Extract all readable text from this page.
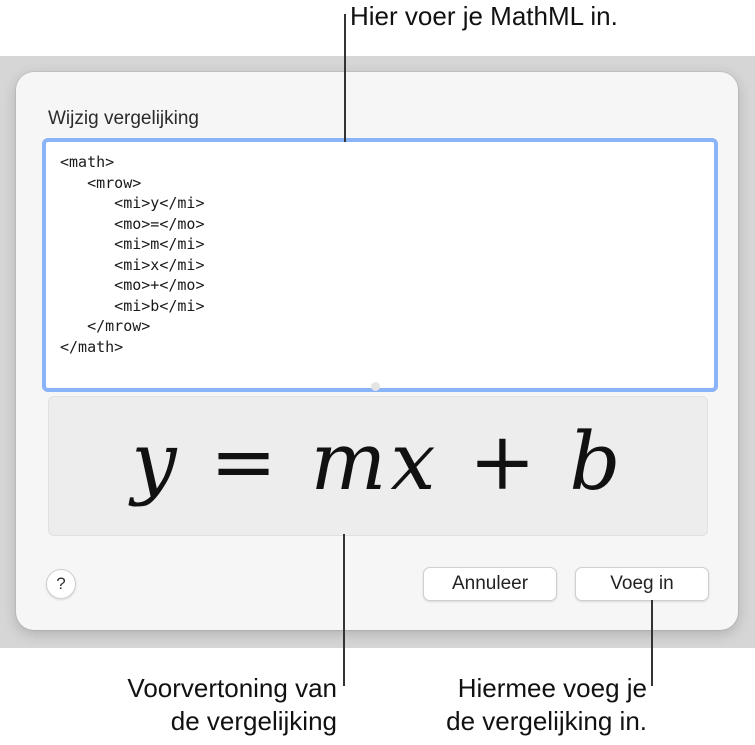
Wijzig vergelijking
<math>
<mrow>
<mi>y</mi>
<mo>=</mo>
<mi>m</mi>
<mi>x</mi>
<mo>+</mo>
<mi>b</mi>
</mrow>
</math>
y = mx + b
?	Annuleer	Voeg in
Hier voer je MathML in.
Voorvertoning van
de vergelijking
Hiermee voeg je
de vergelijking in.
